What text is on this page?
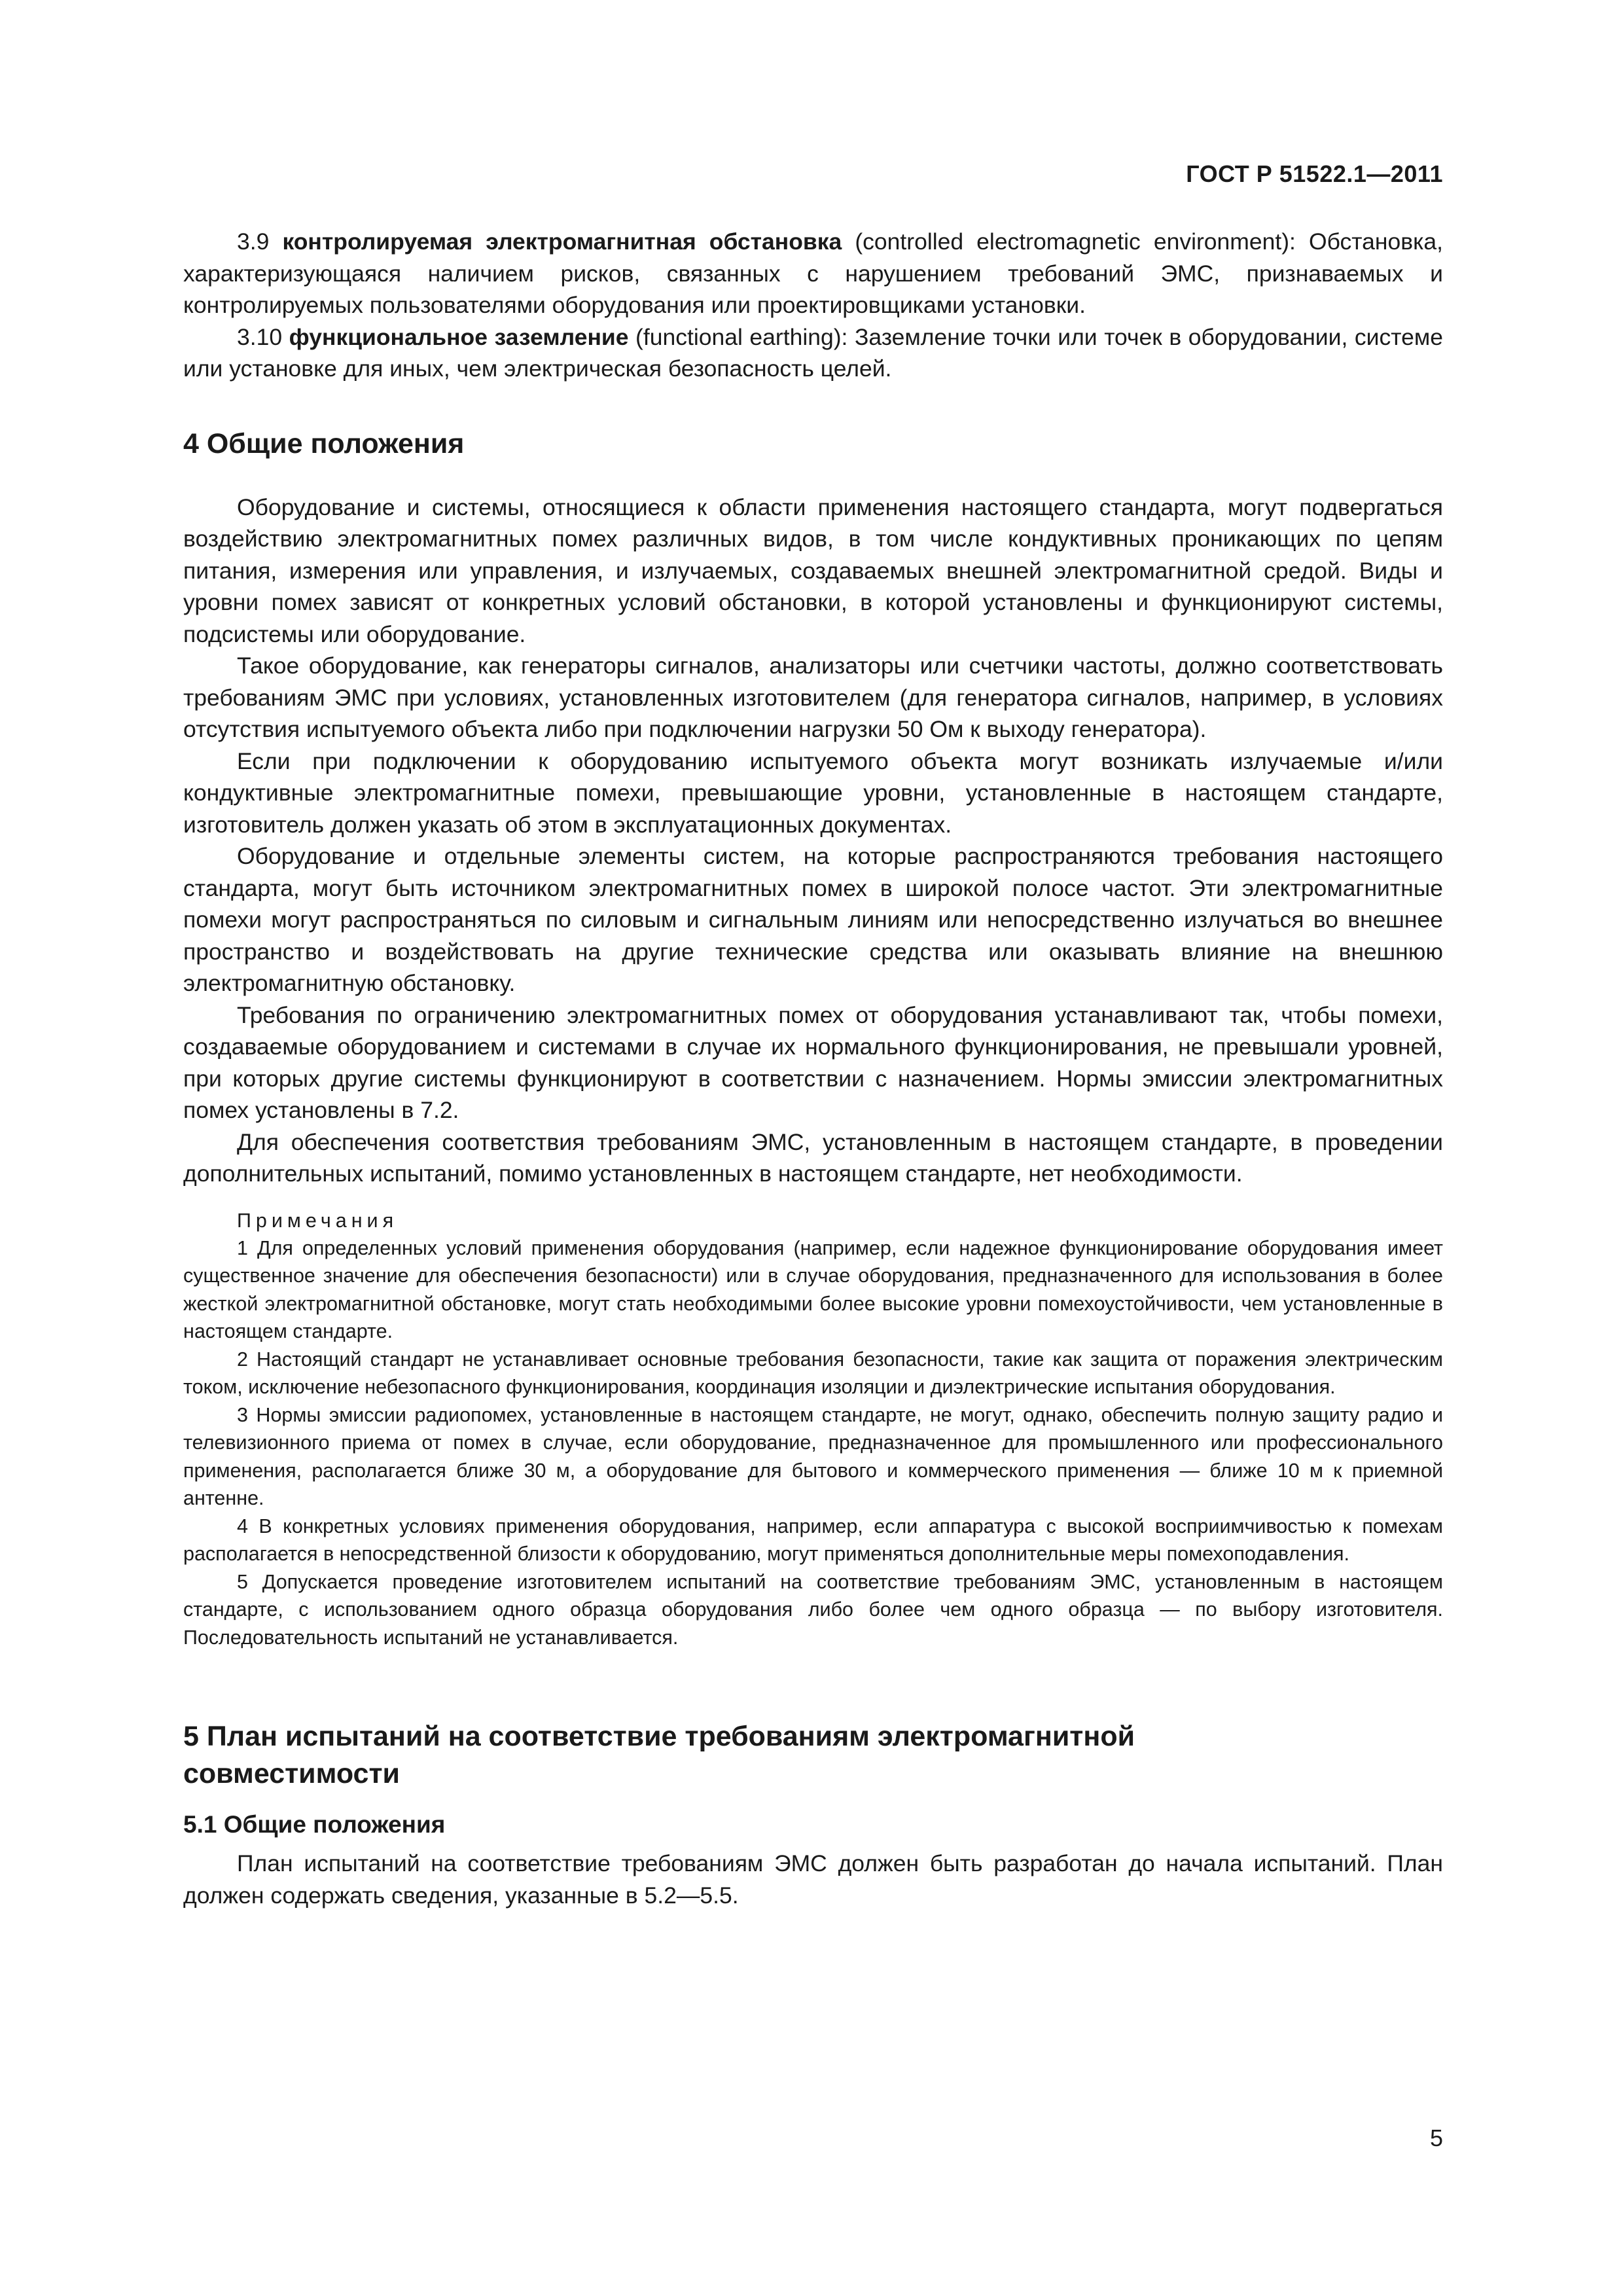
ГОСТ Р 51522.1—2011

3.9 контролируемая электромагнитная обстановка (controlled electromagnetic environment): Обстановка, характеризующаяся наличием рисков, связанных с нарушением требований ЭМС, признаваемых и контролируемых пользователями оборудования или проектировщиками установки.

3.10 функциональное заземление (functional earthing): Заземление точки или точек в оборудовании, системе или установке для иных, чем электрическая безопасность целей.

4 Общие положения

Оборудование и системы, относящиеся к области применения настоящего стандарта, могут подвергаться воздействию электромагнитных помех различных видов, в том числе кондуктивных проникающих по цепям питания, измерения или управления, и излучаемых, создаваемых внешней электромагнитной средой. Виды и уровни помех зависят от конкретных условий обстановки, в которой установлены и функционируют системы, подсистемы или оборудование.

Такое оборудование, как генераторы сигналов, анализаторы или счетчики частоты, должно соответствовать требованиям ЭМС при условиях, установленных изготовителем (для генератора сигналов, например, в условиях отсутствия испытуемого объекта либо при подключении нагрузки 50 Ом к выходу генератора).

Если при подключении к оборудованию испытуемого объекта могут возникать излучаемые и/или кондуктивные электромагнитные помехи, превышающие уровни, установленные в настоящем стандарте, изготовитель должен указать об этом в эксплуатационных документах.

Оборудование и отдельные элементы систем, на которые распространяются требования настоящего стандарта, могут быть источником электромагнитных помех в широкой полосе частот. Эти электромагнитные помехи могут распространяться по силовым и сигнальным линиям или непосредственно излучаться во внешнее пространство и воздействовать на другие технические средства или оказывать влияние на внешнюю электромагнитную обстановку.

Требования по ограничению электромагнитных помех от оборудования устанавливают так, чтобы помехи, создаваемые оборудованием и системами в случае их нормального функционирования, не превышали уровней, при которых другие системы функционируют в соответствии с назначением. Нормы эмиссии электромагнитных помех установлены в 7.2.

Для обеспечения соответствия требованиям ЭМС, установленным в настоящем стандарте, в проведении дополнительных испытаний, помимо установленных в настоящем стандарте, нет необходимости.

Примечания

1 Для определенных условий применения оборудования (например, если надежное функционирование оборудования имеет существенное значение для обеспечения безопасности) или в случае оборудования, предназначенного для использования в более жесткой электромагнитной обстановке, могут стать необходимыми более высокие уровни помехоустойчивости, чем установленные в настоящем стандарте.

2 Настоящий стандарт не устанавливает основные требования безопасности, такие как защита от поражения электрическим током, исключение небезопасного функционирования, координация изоляции и диэлектрические испытания оборудования.

3 Нормы эмиссии радиопомех, установленные в настоящем стандарте, не могут, однако, обеспечить полную защиту радио и телевизионного приема от помех в случае, если оборудование, предназначенное для промышленного или профессионального применения, располагается ближе 30 м, а оборудование для бытового и коммерческого применения — ближе 10 м к приемной антенне.

4 В конкретных условиях применения оборудования, например, если аппаратура с высокой восприимчивостью к помехам располагается в непосредственной близости к оборудованию, могут применяться дополнительные меры помехоподавления.

5 Допускается проведение изготовителем испытаний на соответствие требованиям ЭМС, установленным в настоящем стандарте, с использованием одного образца оборудования либо более чем одного образца — по выбору изготовителя. Последовательность испытаний не устанавливается.

5 План испытаний на соответствие требованиям электромагнитной совместимости
5.1 Общие положения

План испытаний на соответствие требованиям ЭМС должен быть разработан до начала испытаний. План должен содержать сведения, указанные в 5.2—5.5.

5
